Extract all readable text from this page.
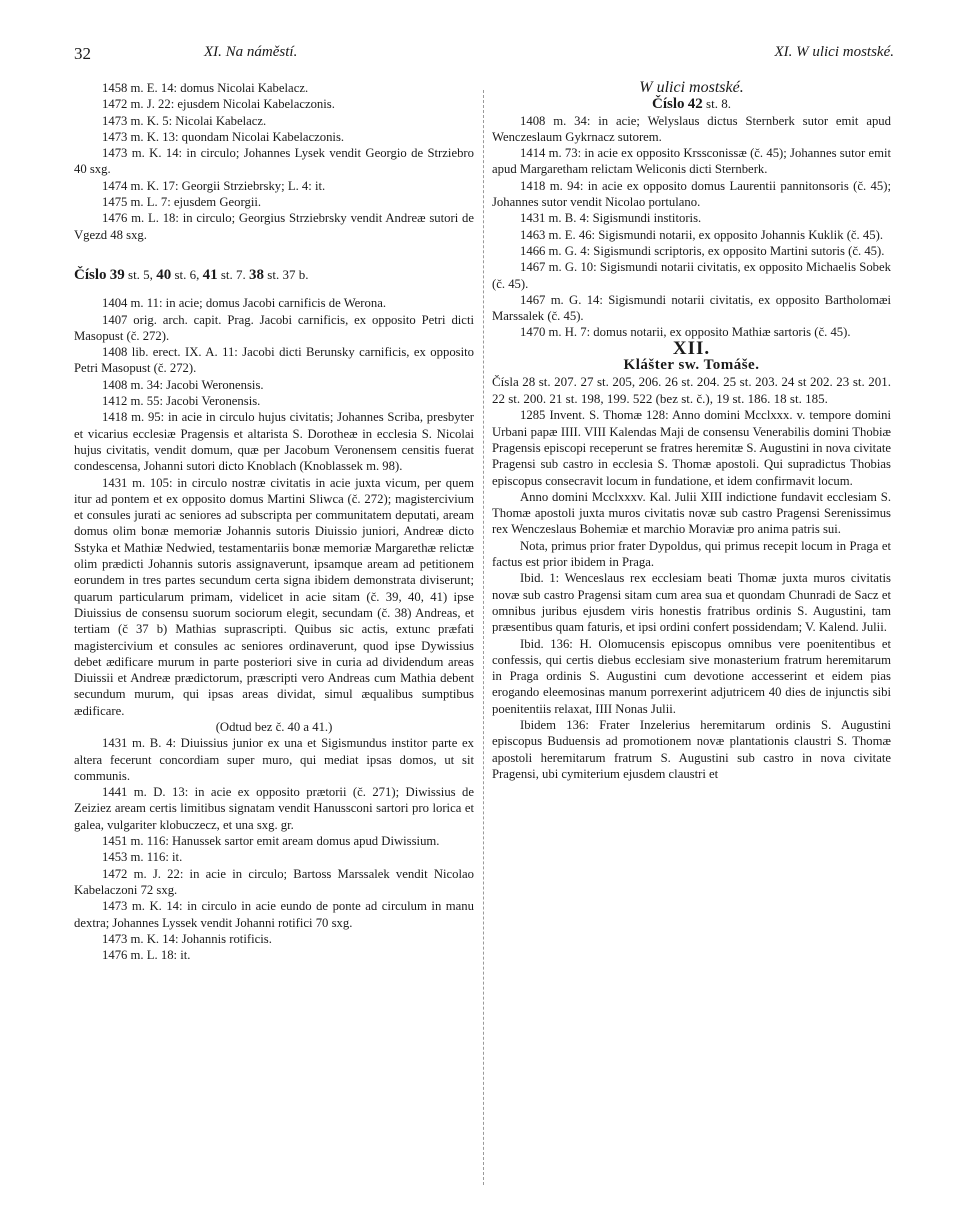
32	XI. Na náměstí.	XI. W ulici mostské.

1458 m. E. 14: domus Nicolai Kabelacz.

1472 m. J. 22: ejusdem Nicolai Kabelaczonis.

1473 m. K. 5: Nicolai Kabelacz.

1473 m. K. 13: quondam Nicolai Kabelaczonis.

1473 m. K. 14: in circulo; Johannes Lysek vendit Georgio de Strziebro 40 sxg.

1474 m. K. 17: Georgii Strziebrsky; L. 4: it.

1475 m. L. 7: ejusdem Georgii.

1476 m. L. 18: in circulo; Georgius Strziebrsky vendit Andreæ sutori de Vgezd 48 sxg.

Číslo 39 st. 5, 40 st. 6, 41 st. 7. 38 st. 37 b.

1404 m. 11: in acie; domus Jacobi carnificis de Werona.

1407 orig. arch. capit. Prag. Jacobi carnificis, ex opposito Petri dicti Masopust (č. 272).

1408 lib. erect. IX. A. 11: Jacobi dicti Berunsky carnificis, ex opposito Petri Masopust (č. 272).

1408 m. 34: Jacobi Weronensis.

1412 m. 55: Jacobi Veronensis.

1418 m. 95: in acie in circulo hujus civitatis; Johannes Scriba, presbyter et vicarius ecclesiæ Pragensis et altarista S. Dorotheæ in ecclesia S. Nicolai hujus civitatis, vendit domum, quæ per Jacobum Veronensem censitis fuerat condescensa, Johanni sutori dicto Knoblach (Knoblassek m. 98).

1431 m. 105: in circulo nostræ civitatis in acie juxta vicum, per quem itur ad pontem et ex opposito domus Martini Sliwca (č. 272); magistercivium et consules jurati ac seniores ad subscripta per communitatem deputati, aream domus olim bonæ memoriæ Johannis sutoris Diuissio juniori, Andreæ dicto Sstyka et Mathiæ Nedwied, testamentariis bonæ memoriæ Margarethæ relictæ olim prædicti Johannis sutoris assignaverunt, ipsamque aream ad petitionem eorundem in tres partes secundum certa signa ibidem demonstrata diviserunt; quarum particularum primam, videlicet in acie sitam (č. 39, 40, 41) ipse Diuissius de consensu suorum sociorum elegit, secundam (č. 38) Andreas, et tertiam (č 37 b) Mathias suprascripti. Quibus sic actis, extunc præfati magistercivium et consules ac seniores ordinaverunt, quod ipse Dywissius debet ædificare murum in parte posteriori sive in curia ad dividendum areas Diuissii et Andreæ prædictorum, præscripti vero Andreas cum Mathia debent secundum murum, qui ipsas areas dividat, simul æqualibus sumptibus ædificare.

(Odtud bez č. 40 a 41.)

1431 m. B. 4: Diuissius junior ex una et Sigismundus institor parte ex altera fecerunt concordiam super muro, qui mediat ipsas domos, ut sit communis.

1441 m. D. 13: in acie ex opposito prætorii (č. 271); Diwissius de Zeiziez aream certis limitibus signatam vendit Hanussconi sartori pro lorica et galea, vulgariter klobuczecz, et una sxg. gr.

1451 m. 116: Hanussek sartor emit aream domus apud Diwissium.

1453 m. 116: it.

1472 m. J. 22: in acie in circulo; Bartoss Marssalek vendit Nicolao Kabelaczoni 72 sxg.

1473 m. K. 14: in circulo in acie eundo de ponte ad circulum in manu dextra; Johannes Lyssek vendit Johanni rotifici 70 sxg.

1473 m. K. 14: Johannis rotificis.

1476 m. L. 18: it.

W ulici mostské.

Číslo 42 st. 8.

1408 m. 34: in acie; Welyslaus dictus Sternberk sutor emit apud Wenczeslaum Gykrnacz sutorem.

1414 m. 73: in acie ex opposito Krssconissæ (č. 45); Johannes sutor emit apud Margaretham relictam Weliconis dicti Sternberk.

1418 m. 94: in acie ex opposito domus Laurentii pannitonsoris (č. 45); Johannes sutor vendit Nicolao portulano.

1431 m. B. 4: Sigismundi institoris.

1463 m. E. 46: Sigismundi notarii, ex opposito Johannis Kuklik (č. 45).

1466 m. G. 4: Sigismundi scriptoris, ex opposito Martini sutoris (č. 45).

1467 m. G. 10: Sigismundi notarii civitatis, ex opposito Michaelis Sobek (č. 45).

1467 m. G. 14: Sigismundi notarii civitatis, ex opposito Bartholomæi Marssalek (č. 45).

1470 m. H. 7: domus notarii, ex opposito Mathiæ sartoris (č. 45).

XII.

Klášter sw. Tomáše.

Čísla 28 st. 207. 27 st. 205, 206. 26 st. 204. 25 st. 203. 24 st 202. 23 st. 201. 22 st. 200. 21 st. 198, 199. 522 (bez st. č.), 19 st. 186. 18 st. 185.

1285 Invent. S. Thomæ 128: Anno domini Mcclxxx. v. tempore domini Urbani papæ IIII. VIII Kalendas Maji de consensu Venerabilis domini Thobiæ Pragensis episcopi receperunt se fratres heremitæ S. Augustini in nova civitate Pragensi sub castro in ecclesia S. Thomæ apostoli. Qui supradictus Thobias episcopus consecravit locum in fundatione, et idem confirmavit locum.

Anno domini Mcclxxxv. Kal. Julii XIII indictione fundavit ecclesiam S. Thomæ apostoli juxta muros civitatis novæ sub castro Pragensi Serenissimus rex Wenczeslaus Bohemiæ et marchio Moraviæ pro anima patris sui.

Nota, primus prior frater Dypoldus, qui primus recepit locum in Praga et factus est prior ibidem in Praga.

Ibid. 1: Wenceslaus rex ecclesiam beati Thomæ juxta muros civitatis novæ sub castro Pragensi sitam cum area sua et quondam Chunradi de Sacz et omnibus juribus ejusdem viris honestis fratribus ordinis S. Augustini, tam præsentibus quam faturis, et ipsi ordini confert possidendam; V. Kalend. Julii.

Ibid. 136: H. Olomucensis episcopus omnibus vere poenitentibus et confessis, qui certis diebus ecclesiam sive monasterium fratrum heremitarum in Praga ordinis S. Augustini cum devotione accesserint et eidem pias erogando eleemosinas manum porrexerint adjutricem 40 dies de injunctis sibi poenitentiis relaxat, IIII Nonas Julii.

Ibidem 136: Frater Inzelerius heremitarum ordinis S. Augustini episcopus Buduensis ad promotionem novæ plantationis claustri S. Thomæ apostoli heremitarum fratrum S. Augustini sub castro in nova civitate Pragensi, ubi cymiterium ejusdem claustri et
